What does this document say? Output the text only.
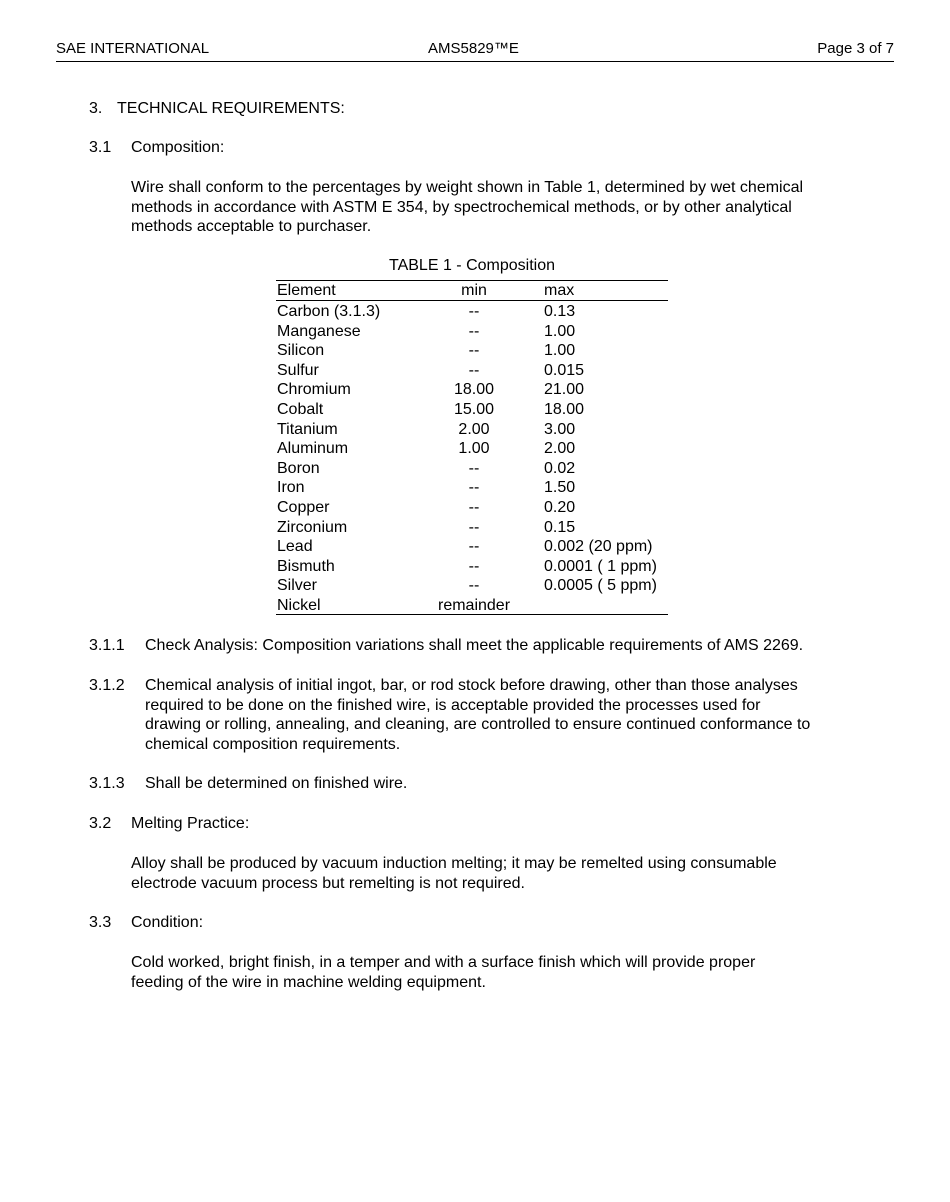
SAE INTERNATIONAL	AMS5829™E	Page 3 of 7
3. TECHNICAL REQUIREMENTS:
3.1 Composition:
Wire shall conform to the percentages by weight shown in Table 1, determined by wet chemical
methods in accordance with ASTM E 354, by spectrochemical methods, or by other analytical
methods acceptable to purchaser.
TABLE 1 - Composition
Element	min	max
Carbon (3.1.3)	--	0.13
Manganese	--	1.00
Silicon	--	1.00
Sulfur	--	0.015
Chromium	18.00	21.00
Cobalt	15.00	18.00
Titanium	2.00	3.00
Aluminum	1.00	2.00
Boron	--	0.02
Iron	--	1.50
Copper	--	0.20
Zirconium	--	0.15
Lead	--	0.002 (20 ppm)
Bismuth	--	0.0001 ( 1 ppm)
Silver	--	0.0005 ( 5 ppm)
Nickel	remainder
3.1.1 Check Analysis: Composition variations shall meet the applicable requirements of AMS 2269.
3.1.2 Chemical analysis of initial ingot, bar, or rod stock before drawing, other than those analyses
required to be done on the finished wire, is acceptable provided the processes used for
drawing or rolling, annealing, and cleaning, are controlled to ensure continued conformance to
chemical composition requirements.
3.1.3 Shall be determined on finished wire.
3.2 Melting Practice:
Alloy shall be produced by vacuum induction melting; it may be remelted using consumable
electrode vacuum process but remelting is not required.
3.3 Condition:
Cold worked, bright finish, in a temper and with a surface finish which will provide proper
feeding of the wire in machine welding equipment.
